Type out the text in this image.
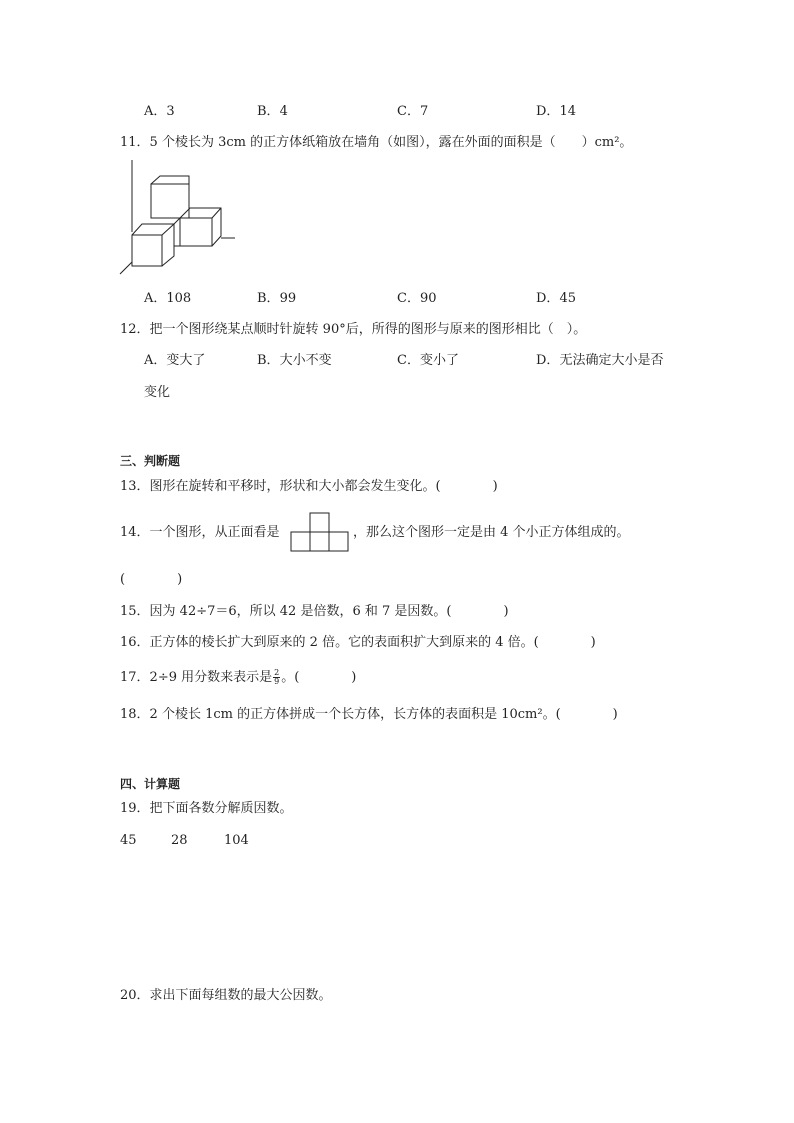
A．3	B．4	C．7	D．14
11．5 个棱长为 3cm 的正方体纸箱放在墙角（如图），露在外面的面积是（　　）cm²。
A．108	B．99	C．90	D．45
12．把一个图形绕某点顺时针旋转 90°后，所得的图形与原来的图形相比（　）。
A．变大了	B．大小不变	C．变小了	D．无法确定大小是否
变化
三、判断题
13．图形在旋转和平移时，形状和大小都会发生变化。(　　　　)
14．一个图形，从正面看是	，那么这个图形一定是由 4 个小正方体组成的。
(　　　　)
15．因为 42÷7＝6，所以 42 是倍数，6 和 7 是因数。(　　　　)
16．正方体的棱长扩大到原来的 2 倍。它的表面积扩大到原来的 4 倍。(　　　　)
17．2÷9 用分数来表示是 $\frac{2}{9}$ 。(　　　　)
18．2 个棱长 1cm 的正方体拼成一个长方体，长方体的表面积是 10cm²。(　　　　)
四、计算题
19．把下面各数分解质因数。
45	28	104
20．求出下面每组数的最大公因数。
